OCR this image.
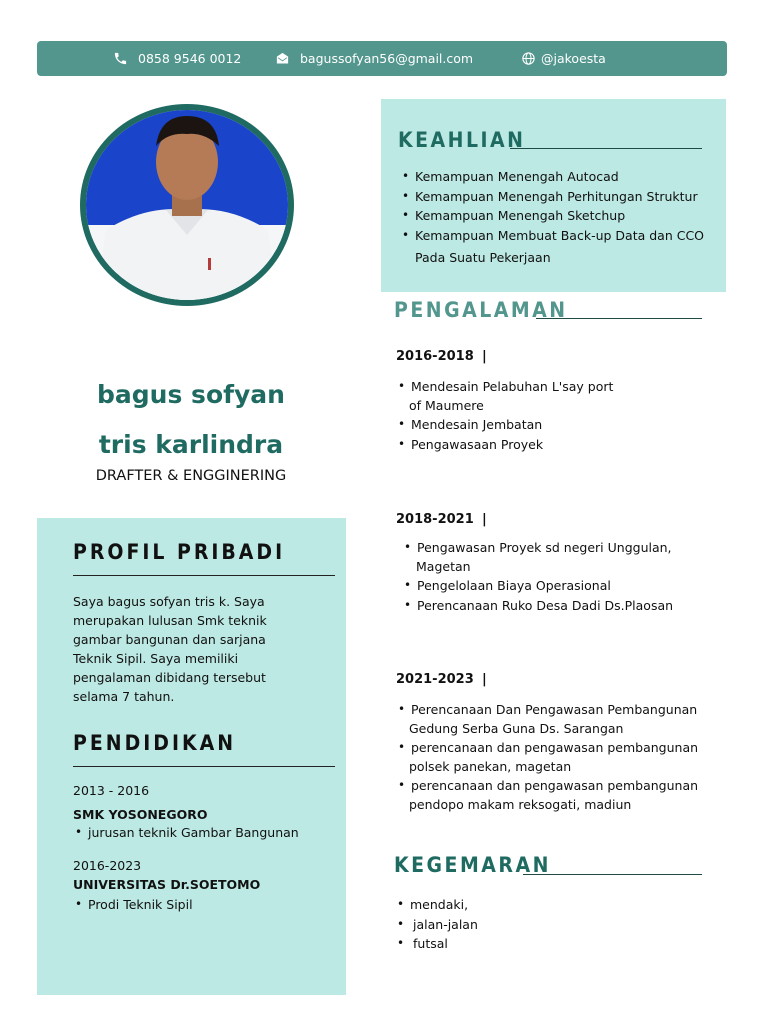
0858 9546 0012	bagussofyan56@gmail.com	@jakoesta
bagus sofyan
tris karlindra
DRAFTER & ENGGINERING
PROFIL PRIBADI
Saya bagus sofyan tris k. Saya
merupakan lulusan Smk teknik
gambar bangunan dan sarjana
Teknik Sipil. Saya memiliki
pengalaman dibidang tersebut
selama 7 tahun.
PENDIDIKAN
2013 - 2016
SMK YOSONEGORO
• jurusan teknik Gambar Bangunan
2016-2023
UNIVERSITAS Dr.SOETOMO
• Prodi Teknik Sipil
KEAHLIAN
• Kemampuan Menengah Autocad
• Kemampuan Menengah Perhitungan Struktur
• Kemampuan Menengah Sketchup
• Kemampuan Membuat Back-up Data dan CCO
Pada Suatu Pekerjaan
PENGALAMAN
2016-2018 |
• Mendesain Pelabuhan L'say port
of Maumere
• Mendesain Jembatan
• Pengawasaan Proyek
2018-2021 |
• Pengawasan Proyek sd negeri Unggulan,
Magetan
• Pengelolaan Biaya Operasional
• Perencanaan Ruko Desa Dadi Ds.Plaosan
2021-2023 |
• Perencanaan Dan Pengawasan Pembangunan
Gedung Serba Guna Ds. Sarangan
• perencanaan dan pengawasan pembangunan
polsek panekan, magetan
• perencanaan dan pengawasan pembangunan
pendopo makam reksogati, madiun
KEGEMARAN
• mendaki,
• jalan-jalan
• futsal
